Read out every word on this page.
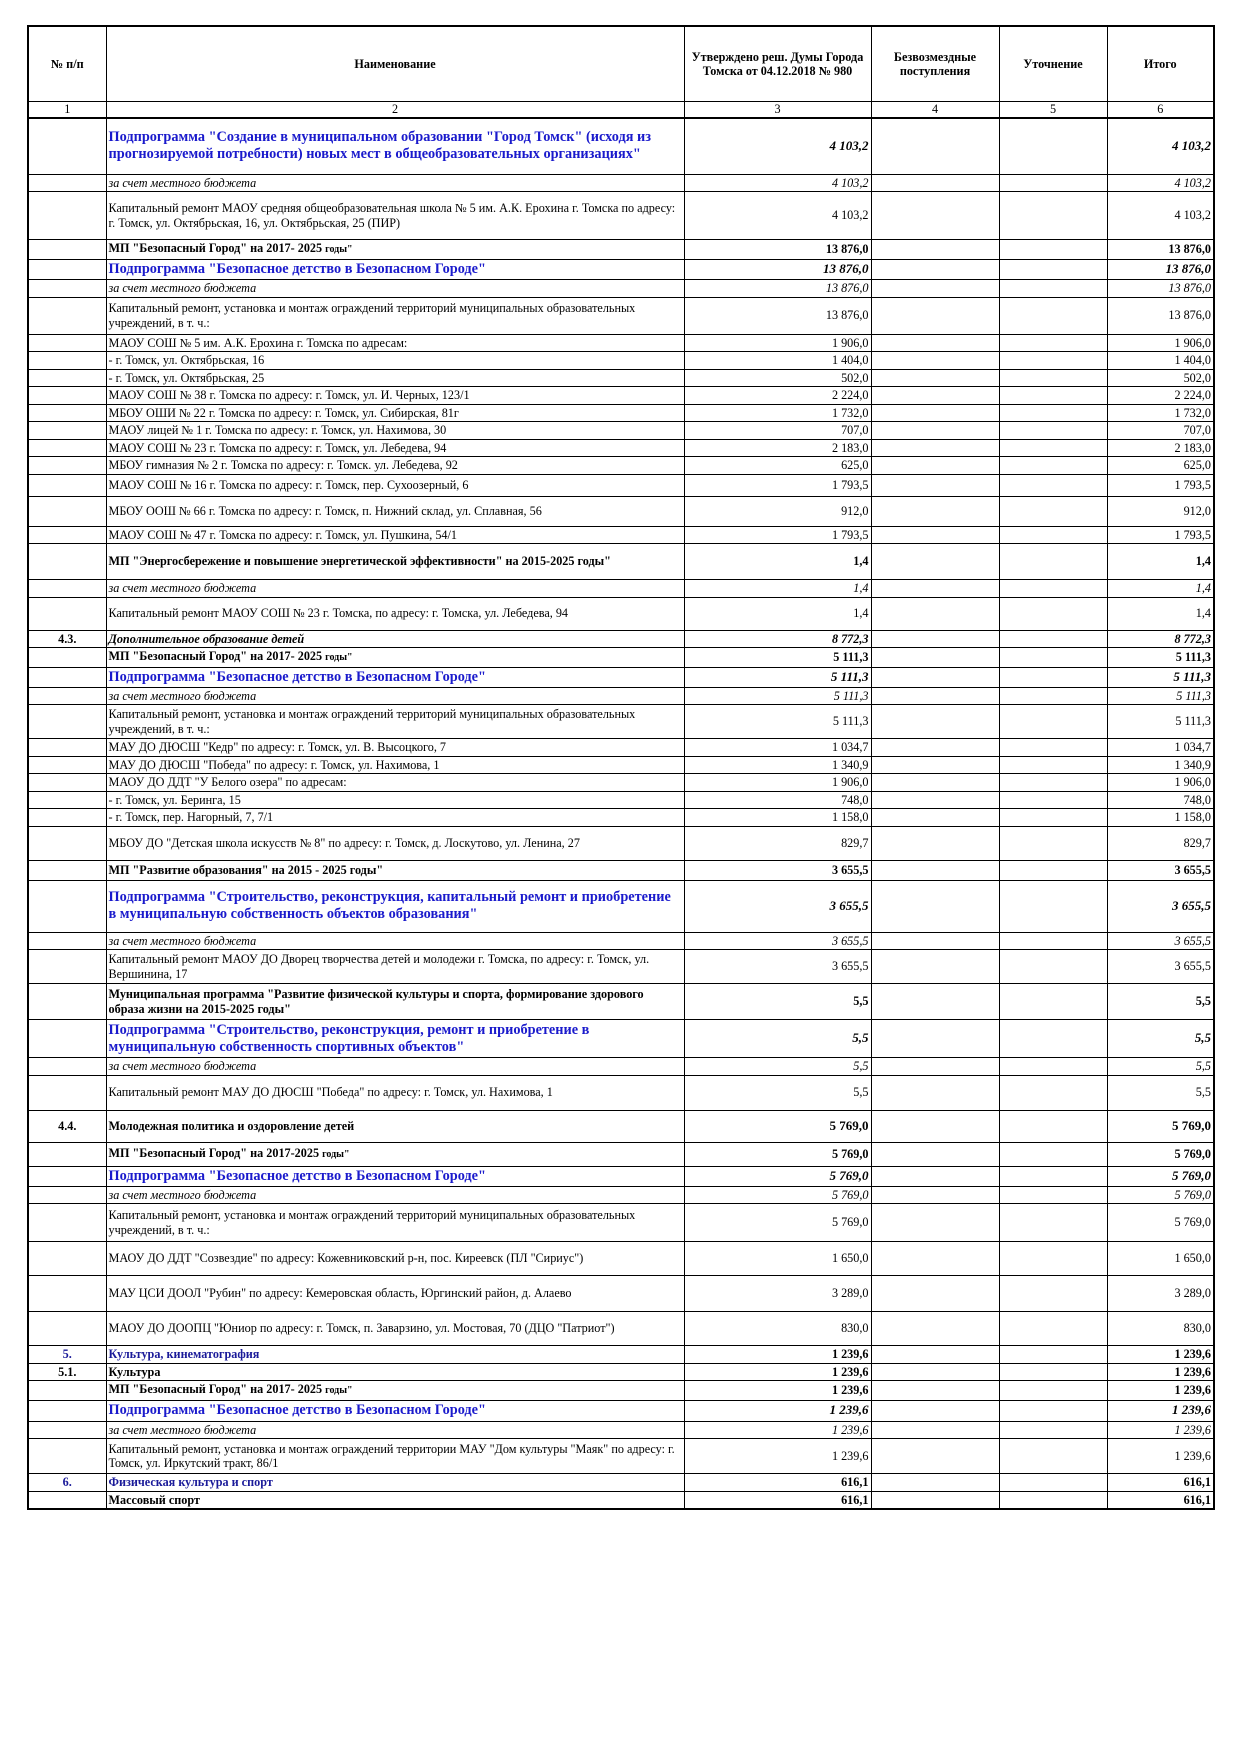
№ п/п	Наименование	Утверждено реш. Думы Города Томска от 04.12.2018 № 980	Безвозмездные поступления	Уточнение	Итого
1	2	3	4	5	6
	Подпрограмма "Создание в муниципальном образовании "Город Томск" (исходя из прогнозируемой потребности) новых мест в общеобразовательных организациях"	4 103,2			4 103,2
	за счет местного бюджета	4 103,2			4 103,2
	Капитальный ремонт МАОУ средняя общеобразовательная школа № 5 им. А.К. Ерохина г. Томска по адресу: г. Томск, ул. Октябрьская, 16, ул. Октябрьская, 25 (ПИР)	4 103,2			4 103,2
	МП "Безопасный Город" на 2017- 2025 годы"	13 876,0			13 876,0
	Подпрограмма "Безопасное детство в Безопасном Городе"	13 876,0			13 876,0
	за счет местного бюджета	13 876,0			13 876,0
	Капитальный ремонт, установка и монтаж ограждений территорий муниципальных образовательных учреждений, в т. ч.:	13 876,0			13 876,0
	МАОУ СОШ № 5 им. А.К. Ерохина г. Томска по адресам:	1 906,0			1 906,0
	- г. Томск, ул. Октябрьская, 16	1 404,0			1 404,0
	- г. Томск, ул. Октябрьская, 25	502,0			502,0
	МАОУ СОШ № 38 г. Томска по адресу: г. Томск, ул. И. Черных, 123/1	2 224,0			2 224,0
	МБОУ ОШИ № 22 г. Томска по адресу: г. Томск, ул. Сибирская, 81г	1 732,0			1 732,0
	МАОУ лицей № 1 г. Томска по адресу: г. Томск, ул. Нахимова, 30	707,0			707,0
	МАОУ СОШ № 23 г. Томска по адресу: г. Томск, ул. Лебедева, 94	2 183,0			2 183,0
	МБОУ гимназия № 2 г. Томска по адресу: г. Томск. ул. Лебедева, 92	625,0			625,0
	МАОУ СОШ № 16 г. Томска по адресу: г. Томск, пер. Сухоозерный, 6	1 793,5			1 793,5
	МБОУ ООШ № 66 г. Томска по адресу: г. Томск, п. Нижний склад, ул. Сплавная, 56	912,0			912,0
	МАОУ СОШ № 47 г. Томска по адресу: г. Томск, ул. Пушкина, 54/1	1 793,5			1 793,5
	МП "Энергосбережение и повышение энергетической эффективности" на 2015-2025 годы"	1,4			1,4
	за счет местного бюджета	1,4			1,4
	Капитальный ремонт МАОУ СОШ № 23 г. Томска, по адресу: г. Томска, ул. Лебедева, 94	1,4			1,4
4.3.	Дополнительное образование детей	8 772,3			8 772,3
	МП "Безопасный Город" на 2017- 2025 годы"	5 111,3			5 111,3
	Подпрограмма "Безопасное детство в Безопасном Городе"	5 111,3			5 111,3
	за счет местного бюджета	5 111,3			5 111,3
	Капитальный ремонт, установка и монтаж ограждений территорий муниципальных образовательных учреждений, в т. ч.:	5 111,3			5 111,3
	МАУ ДО ДЮСШ "Кедр" по адресу: г. Томск, ул. В. Высоцкого, 7	1 034,7			1 034,7
	МАУ ДО ДЮСШ "Победа" по адресу: г. Томск, ул. Нахимова, 1	1 340,9			1 340,9
	МАОУ ДО ДДТ "У Белого озера" по адресам:	1 906,0			1 906,0
	- г. Томск, ул. Беринга, 15	748,0			748,0
	- г. Томск, пер. Нагорный, 7, 7/1	1 158,0			1 158,0
	МБОУ ДО "Детская школа искусств № 8" по адресу: г. Томск, д. Лоскутово, ул. Ленина, 27	829,7			829,7
	МП "Развитие образования" на 2015 - 2025 годы"	3 655,5			3 655,5
	Подпрограмма "Строительство, реконструкция, капитальный ремонт и приобретение в муниципальную собственность объектов образования"	3 655,5			3 655,5
	за счет местного бюджета	3 655,5			3 655,5
	Капитальный ремонт МАОУ ДО Дворец творчества детей и молодежи г. Томска, по адресу: г. Томск, ул. Вершинина, 17	3 655,5			3 655,5
	Муниципальная программа "Развитие физической культуры и спорта, формирование здорового образа жизни на 2015-2025 годы"	5,5			5,5
	Подпрограмма "Строительство, реконструкция, ремонт и приобретение в муниципальную собственность спортивных объектов"	5,5			5,5
	за счет местного бюджета	5,5			5,5
	Капитальный ремонт МАУ ДО ДЮСШ "Победа" по адресу: г. Томск, ул. Нахимова, 1	5,5			5,5
4.4.	Молодежная политика и оздоровление детей	5 769,0			5 769,0
	МП "Безопасный Город" на 2017-2025 годы"	5 769,0			5 769,0
	Подпрограмма "Безопасное детство в Безопасном Городе"	5 769,0			5 769,0
	за счет местного бюджета	5 769,0			5 769,0
	Капитальный ремонт, установка и монтаж ограждений территорий муниципальных образовательных учреждений, в т. ч.:	5 769,0			5 769,0
	МАОУ ДО ДДТ "Созвездие" по адресу: Кожевниковский р-н, пос. Киреевск (ПЛ "Сириус")	1 650,0			1 650,0
	МАУ ЦСИ ДООЛ "Рубин" по адресу: Кемеровская область, Юргинский район, д. Алаево	3 289,0			3 289,0
	МАОУ ДО ДООПЦ "Юниор по адресу: г. Томск, п. Заварзино, ул. Мостовая, 70 (ДЦО "Патриот")	830,0			830,0
5.	Культура, кинематография	1 239,6			1 239,6
5.1.	Культура	1 239,6			1 239,6
	МП "Безопасный Город" на 2017- 2025 годы"	1 239,6			1 239,6
	Подпрограмма "Безопасное детство в Безопасном Городе"	1 239,6			1 239,6
	за счет местного бюджета	1 239,6			1 239,6
	Капитальный ремонт, установка и монтаж ограждений территории МАУ "Дом культуры "Маяк" по адресу: г. Томск, ул. Иркутский тракт, 86/1	1 239,6			1 239,6
6.	Физическая культура и спорт	616,1			616,1
	Массовый спорт	616,1			616,1
